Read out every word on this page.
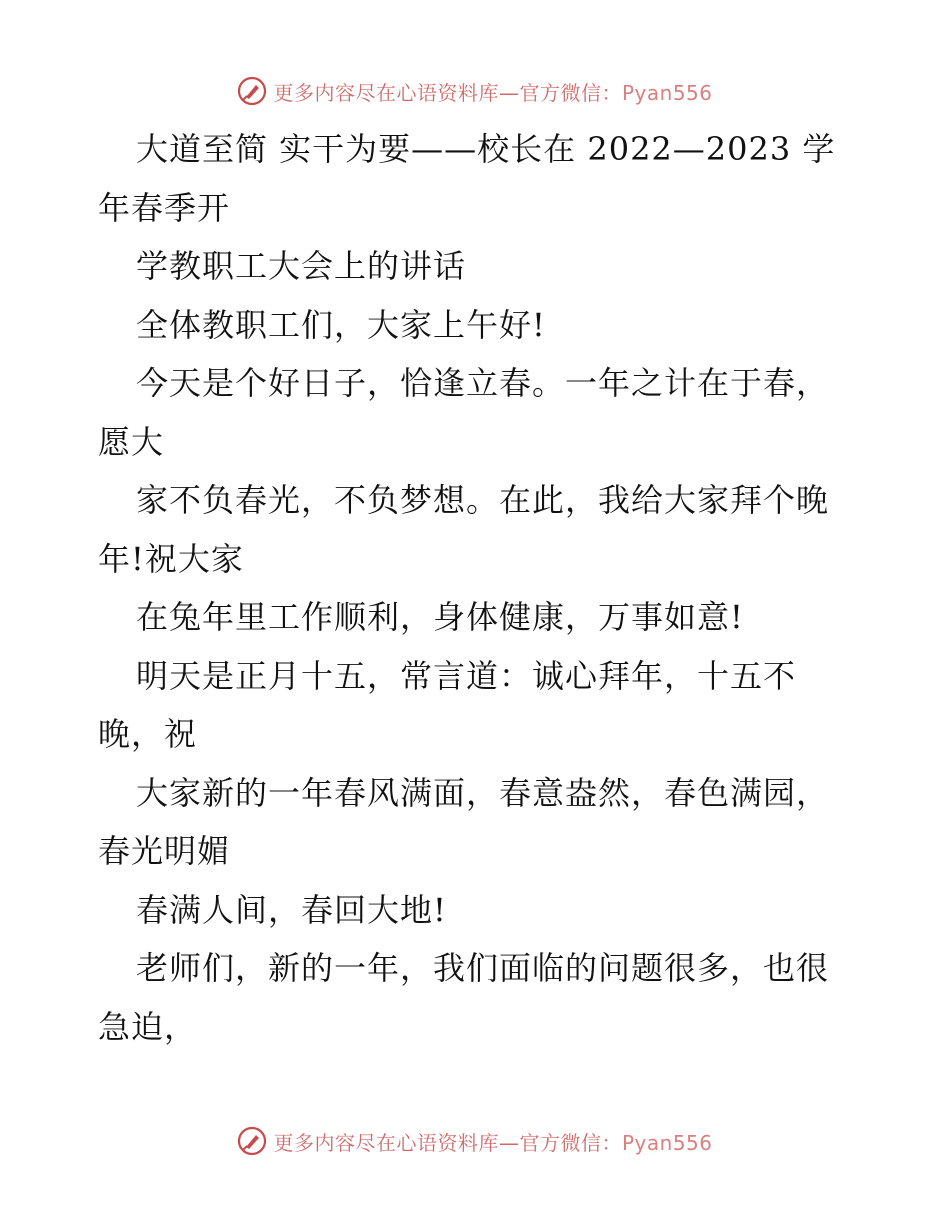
更多内容尽在心语资料库—官方微信：Pyan556
大道至简 实干为要——校长在 2022—2023 学
年春季开
学教职工大会上的讲话
全体教职工们，大家上午好!
今天是个好日子，恰逢立春。一年之计在于春，
愿大
家不负春光，不负梦想。在此，我给大家拜个晚
年!祝大家
在兔年里工作顺利，身体健康，万事如意!
明天是正月十五，常言道：诚心拜年，十五不
晚，祝
大家新的一年春风满面，春意盎然，春色满园，
春光明媚
春满人间，春回大地!
老师们，新的一年，我们面临的问题很多，也很
急迫，
更多内容尽在心语资料库—官方微信：Pyan556
